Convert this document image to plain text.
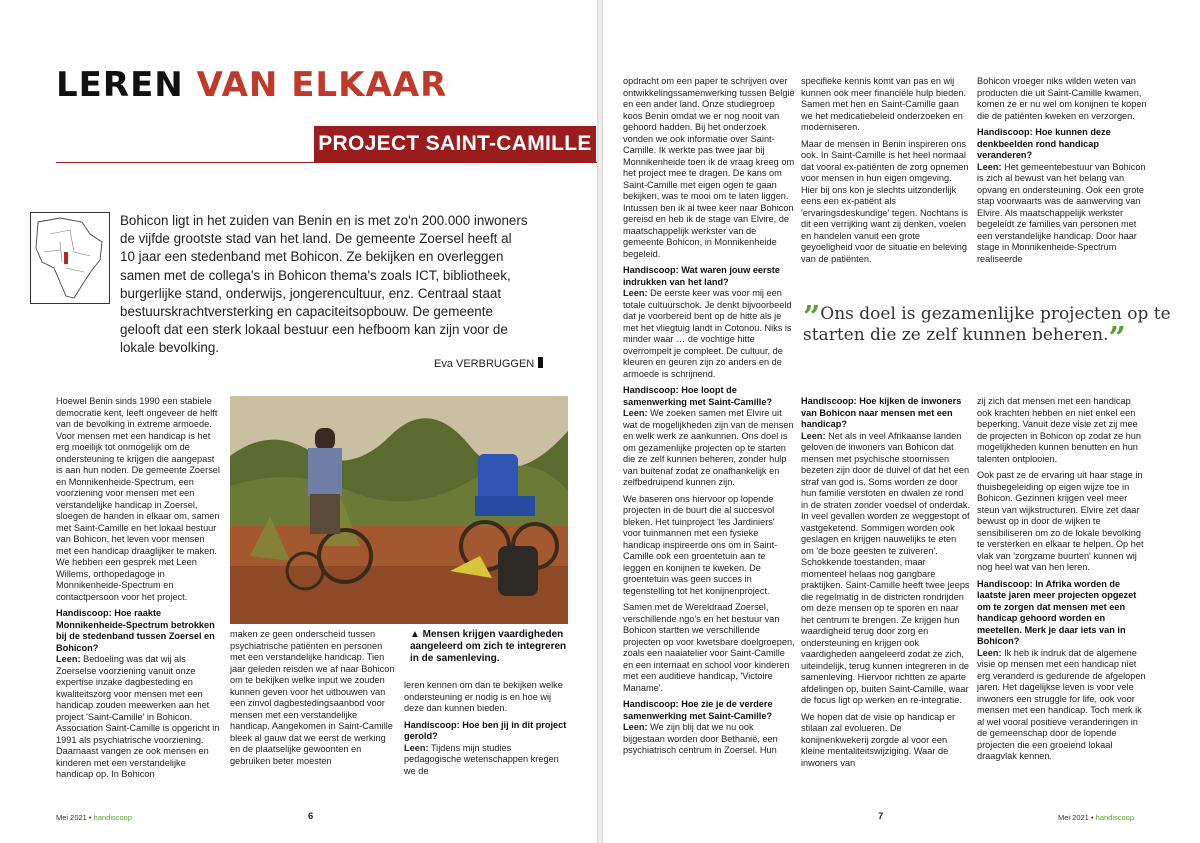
LEREN VAN ELKAAR
PROJECT SAINT-CAMILLE

Bohicon ligt in het zuiden van Benin en is met zo'n 200.000 inwoners de vijfde grootste stad van het land. De gemeente Zoersel heeft al 10 jaar een stedenband met Bohicon. Ze bekijken en overleggen samen met de collega's in Bohicon thema's zoals ICT, bibliotheek, burgerlijke stand, onderwijs, jongerencultuur, enz. Centraal staat bestuurskrachtversterking en capaciteitsopbouw. De gemeente gelooft dat een sterk lokaal bestuur een hefboom kan zijn voor de lokale bevolking.

Eva VERBRUGGEN

Hoewel Benin sinds 1990 een stabiele democratie kent, leeft ongeveer de helft van de bevolking in extreme armoede. Voor mensen met een handicap is het erg moeilijk tot onmogelijk om de ondersteuning te krijgen die aangepast is aan hun noden. De gemeente Zoersel en Monnikenheide-Spectrum, een voorziening voor mensen met een verstandelijke handicap in Zoersel, sloegen de handen in elkaar om, samen met Saint-Camille en het lokaal bestuur van Bohicon, het leven voor mensen met een handicap draaglijker te maken. We hebben een gesprek met Leen Willems, orthopedagoge in Monnikenheide-Spectrum en contactpersoon voor het project.

Handiscoop: Hoe raakte Monnikenheide-Spectrum betrokken bij de stedenband tussen Zoersel en Bohicon?
Leen: Bedoeling was dat wij als Zoerselse voorziening vanuit onze expertise inzake dagbesteding en kwaliteitszorg voor mensen met een handicap zouden meewerken aan het project 'Saint-Camille' in Bohicon. Association Saint-Camille is opgericht in 1991 als psychiatrische voorziening. Daarnaast vangen ze ook mensen en kinderen met een verstandelijke handicap op. In Bohicon

maken ze geen onderscheid tussen psychiatrische patiënten en personen met een verstandelijke handicap. Tien jaar geleden reisden we af naar Bohicon om te bekijken welke input we zouden kunnen geven voor het uitbouwen van een zinvol dagbestedingsaanbod voor mensen met een verstandelijke handicap. Aangekomen in Saint-Camille bleek al gauw dat we eerst de werking en de plaatselijke gewoonten en gebruiken beter moesten

▲ Mensen krijgen vaardigheden aangeleerd om zich te integreren in de samenleving.

leren kennen om dan te bekijken welke ondersteuning er nodig is en hoe wij deze dan kunnen bieden.

Handiscoop: Hoe ben jij in dit project gerold?
Leen: Tijdens mijn studies pedagogische wetenschappen kregen we de

Mei 2021 • handiscoop	6

opdracht om een paper te schrijven over ontwikkelingssamenwerking tussen België en een ander land. Onze studiegroep koos Benin omdat we er nog nooit van gehoord hadden. Bij het onderzoek vonden we ook informatie over Saint-Camille. Ik werkte pas twee jaar bij Monnikenheide toen ik de vraag kreeg om het project mee te dragen. De kans om Saint-Camille met eigen ogen te gaan bekijken, was te mooi om te laten liggen. Intussen ben ik al twee keer naar Bohicon gereisd en heb ik de stage van Elvire, de maatschappelijk werkster van de gemeente Bohicon, in Monnikenheide begeleid.

Handiscoop: Wat waren jouw eerste indrukken van het land?
Leen: De eerste keer was voor mij een totale cultuurschok. Je denkt bijvoorbeeld dat je voorbereid bent op de hitte als je met het vliegtuig landt in Cotonou. Niks is minder waar … de vochtige hitte overrompelt je compleet. De cultuur, de kleuren en geuren zijn zo anders en de armoede is schrijnend.

Handiscoop: Hoe loopt de samenwerking met Saint-Camille?
Leen: We zoeken samen met Elvire uit wat de mogelijkheden zijn van de mensen en welk werk ze aankunnen. Ons doel is om gezamenlijke projecten op te starten die ze zelf kunnen beheren, zonder hulp van buitenaf zodat ze onafhankelijk en zelfbedruipend kunnen zijn.

We baseren ons hiervoor op lopende projecten in de buurt die al succesvol bleken. Het tuinproject 'les Jardiniers' voor tuinmannen met een fysieke handicap inspireerde ons om in Saint-Camille ook een groentetuin aan te leggen en konijnen te kweken. De groentetuin was geen succes in tegenstelling tot het konijnenproject.

Samen met de Wereldraad Zoersel, verschillende ngo's en het bestuur van Bohicon startten we verschillende projecten op voor kwetsbare doelgroepen, zoals een naaiatelier voor Saint-Camille en een internaat en school voor kinderen met een auditieve handicap, 'Victoire Maname'.

Handiscoop: Hoe zie je de verdere samenwerking met Saint-Camille?
Leen: We zijn blij dat we nu ook bijgestaan worden door Bethanië, een psychiatrisch centrum in Zoersel. Hun

specifieke kennis komt van pas en wij kunnen ook meer financiële hulp bieden. Samen met hen en Saint-Camille gaan we het medicatiebeleid onderzoeken en moderniseren.

Maar de mensen in Benin inspireren ons ook. In Saint-Camille is het heel normaal dat vooral ex-patiënten de zorg opnemen voor mensen in hun eigen omgeving. Hier bij ons kon je slechts uitzonderlijk eens een ex-patiënt als 'ervaringsdeskundige' tegen. Nochtans is dit een verrijking want zij denken, voelen en handelen vanuit een grote geyoeligheid voor de situatie en beleving van de patiënten.

”Ons doel is gezamenlijke projecten op te starten die ze zelf kunnen beheren.”

Handiscoop: Hoe kijken de inwoners van Bohicon naar mensen met een handicap?
Leen: Net als in veel Afrikaanse landen geloven de inwoners van Bohicon dat mensen met psychische stoornissen bezeten zijn door de duivel of dat het een straf van god is. Soms worden ze door hun familie verstoten en dwalen ze rond in de straten zonder voedsel of onderdak. In veel gevallen worden ze weggestopt of vastgeketend. Sommigen worden ook geslagen en krijgen nauwelijks te eten om 'de boze geesten te zuiveren'. Schokkende toestanden, maar momenteel helaas nog gangbare praktijken. Saint-Camille heeft twee jeeps die regelmatig in de districten rondrijden om deze mensen op te sporen en naar het centrum te brengen. Ze krijgen hun waardigheid terug door zorg en ondersteuning en krijgen ook vaardigheden aangeleerd zodat ze zich, uiteindelijk, terug kunnen integreren in de samenleving. Hiervoor richtten ze aparte afdelingen op, buiten Saint-Camille, waar de focus ligt op werken en re-integratie.

We hopen dat de visie op handicap er stilaan zal evolueren. De konijnenkwekerij zorgde al voor een kleine mentaliteitswijziging. Waar de inwoners van

Bohicon vroeger niks wilden weten van producten die uit Saint-Camille kwamen, komen ze er nu wel om konijnen te kopen die de patiënten kweken en verzorgen.

Handiscoop: Hoe kunnen deze denkbeelden rond handicap veranderen?
Leen: Het gemeentebestuur van Bohicon is zich al bewust van het belang van opvang en ondersteuning. Ook een grote stap voorwaarts was de aanwerving van Elvire. Als maatschappelijk werkster begeleidt ze families van personen met een verstandelijke handicap. Door haar stage in Monnikenheide-Spectrum realiseerde

zij zich dat mensen met een handicap ook krachten hebben en niet enkel een beperking. Vanuit deze visie zet zij mee de projecten in Bohicon op zodat ze hun mogelijkheden kunnen benutten en hun talenten ontplooien.

Ook past ze de ervaring uit haar stage in thuisbegeleiding op eigen wijze toe in Bohicon. Gezinnen krijgen veel meer steun van wijkstructuren. Elvire zet daar bewust op in door de wijken te sensibiliseren om zo de lokale bevolking te versterken en elkaar te helpen. Op het vlak van 'zorgzame buurten' kunnen wij nog heel wat van hen leren.

Handiscoop: In Afrika worden de laatste jaren meer projecten opgezet om te zorgen dat mensen met een handicap gehoord worden en meetellen. Merk je daar iets van in Bohicon?
Leen: Ik heb ik indruk dat de algemene visie op mensen met een handicap niet erg veranderd is gedurende de afgelopen jaren. Het dagelijkse leven is voor vele inwoners een struggle for life, ook voor mensen met een handicap. Toch merk ik al wel vooral positieve veranderingen in de gemeenschap door de lopende projecten die een groeiend lokaal draagvlak kennen.

7	Mei 2021 • handiscoop
